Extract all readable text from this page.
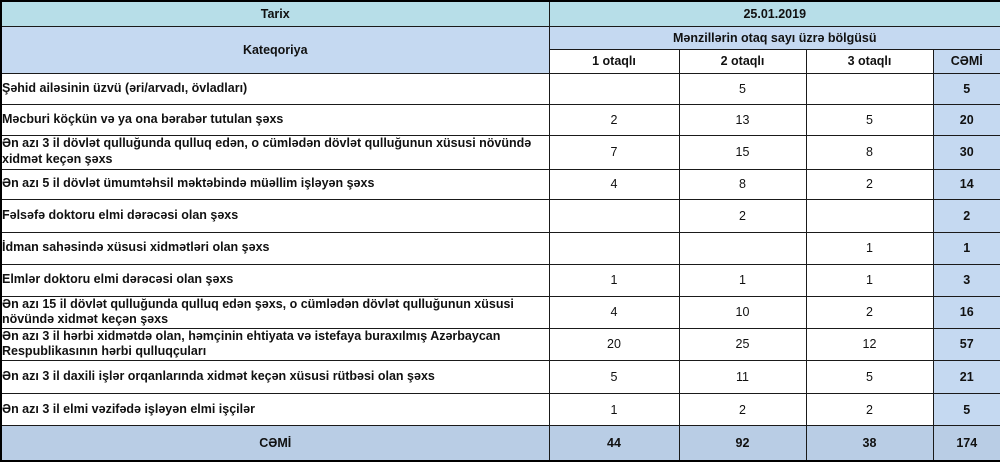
Tarix	25.01.2019			
Kateqoriya	Mənzillərin otaq sayı üzrə bölgüsü			
	1 otaqlı	2 otaqlı	3 otaqlı	CƏMİ
Şəhid ailəsinin üzvü (əri/arvadı, övladları)		5		5
Məcburi köçkün və ya ona bərabər tutulan şəxs	2	13	5	20
Ən azı 3 il dövlət qulluğunda qulluq edən, o cümlədən dövlət qulluğunun xüsusi növündə xidmət keçən şəxs	7	15	8	30
Ən azı 5 il dövlət ümumtəhsil məktəbində müəllim işləyən şəxs	4	8	2	14
Fəlsəfə doktoru elmi dərəcəsi olan şəxs		2		2
İdman sahəsində xüsusi xidmətləri olan şəxs			1	1
Elmlər doktoru elmi dərəcəsi olan şəxs	1	1	1	3
Ən azı 15 il dövlət qulluğunda qulluq edən şəxs, o cümlədən dövlət qulluğunun xüsusi növündə xidmət keçən şəxs	4	10	2	16
Ən azı 3 il hərbi xidmətdə olan, həmçinin ehtiyata və istefaya buraxılmış Azərbaycan Respublikasının hərbi qulluqçuları	20	25	12	57
Ən azı 3 il daxili işlər orqanlarında xidmət keçən xüsusi rütbəsi olan şəxs	5	11	5	21
Ən azı 3 il elmi vəzifədə işləyən elmi işçilər	1	2	2	5
CƏMİ	44	92	38	174
